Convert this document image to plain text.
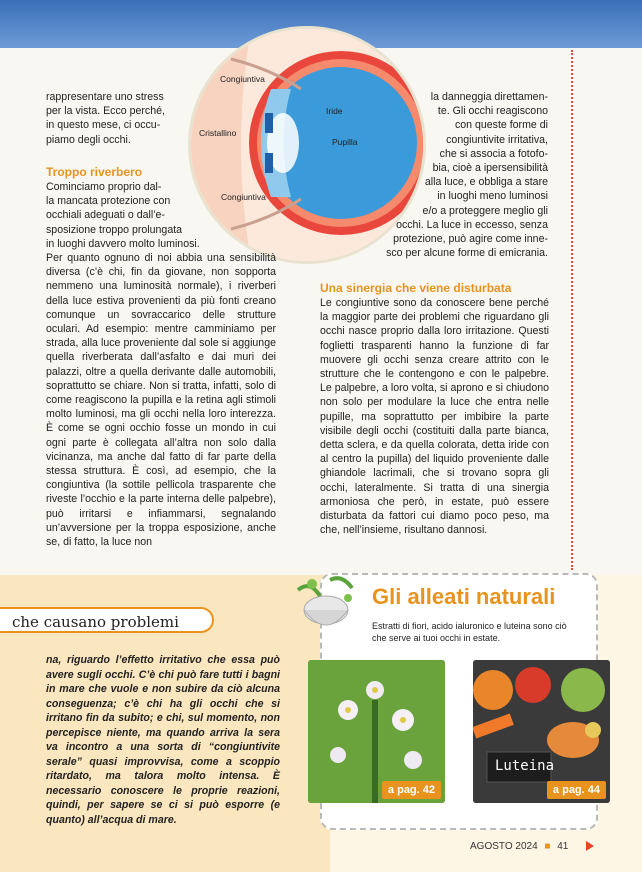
Congiuntiva
Iride
Cristallino
Pupilla
Congiuntiva

rappresentare uno stress

per la vista. Ecco perché,

in questo mese, ci occu-

piamo degli occhi.

Troppo riverbero

Cominciamo proprio dal-

la mancata protezione con

occhiali adeguati o dall’e-

sposizione troppo prolungata

in luoghi davvero molto luminosi.

Per quanto ognuno di noi abbia una sensibilità diversa (c’è chi, fin da giovane, non sopporta nemmeno una luminosità normale), i riverberi della luce estiva provenienti da più fonti creano comunque un sovraccarico delle strutture oculari. Ad esempio: mentre camminiamo per strada, alla luce proveniente dal sole si aggiunge quella riverberata dall’asfalto e dai muri dei palazzi, oltre a quella derivante dalle automobili, soprattutto se chiare. Non si tratta, infatti, solo di come reagiscono la pupilla e la retina agli stimoli molto luminosi, ma gli occhi nella loro interezza. È come se ogni occhio fosse un mondo in cui ogni parte è collegata all’altra non solo dalla vicinanza, ma anche dal fatto di far parte della stessa struttura. È così, ad esempio, che la congiuntiva (la sottile pellicola trasparente che riveste l’occhio e la parte interna delle palpebre), può irritarsi e infiammarsi, segnalando un’avversione per la troppa esposizione, anche se, di fatto, la luce non

la danneggia direttamen-

te. Gli occhi reagiscono

con queste forme di

congiuntivite irritativa,

che si associa a fotofo-

bia, cioè a ipersensibilità

alla luce, e obbliga a stare

in luoghi meno luminosi

e/o a proteggere meglio gli

occhi. La luce in eccesso, senza

protezione, può agire come inne-

sco per alcune forme di emicrania.

Una sinergia che viene disturbata
Le congiuntive sono da conoscere bene perché la maggior parte dei problemi che riguardano gli occhi nasce proprio dalla loro irritazione. Questi foglietti trasparenti hanno la funzione di far muovere gli occhi senza creare attrito con le strutture che le contengono e con le palpebre. Le palpebre, a loro volta, si aprono e si chiudono non solo per modulare la luce che entra nelle pupille, ma soprattutto per imbibire la parte visibile degli occhi (costituiti dalla parte bianca, detta sclera, e da quella colorata, detta iride con al centro la pupilla) del liquido proveniente dalle ghiandole lacrimali, che si trovano sopra gli occhi, lateralmente. Si tratta di una sinergia armoniosa che però, in estate, può essere disturbata da fattori cui diamo poco peso, ma che, nell’insieme, risultano dannosi.
che causano problemi
na, riguardo l’effetto irritativo che essa può avere sugli occhi. C’è chi può fare tutti i bagni in mare che vuole e non subire da ciò alcuna conseguenza; c’è chi ha gli occhi che si irritano fin da subito; e chi, sul momento, non percepisce niente, ma quando arriva la sera va incontro a una sorta di “congiuntivite serale” quasi improvvisa, come a scoppio ritardato, ma talora molto intensa. È necessario conoscere le proprie reazioni, quindi, per sapere se ci si può esporre (e quanto) all’acqua di mare.
Gli alleati naturali
Estratti di fiori, acido ialuronico e luteina sono ciò che serve ai tuoi occhi in estate.
a pag. 42
Luteina
a pag. 44
AGOSTO 2024 ■ 41
